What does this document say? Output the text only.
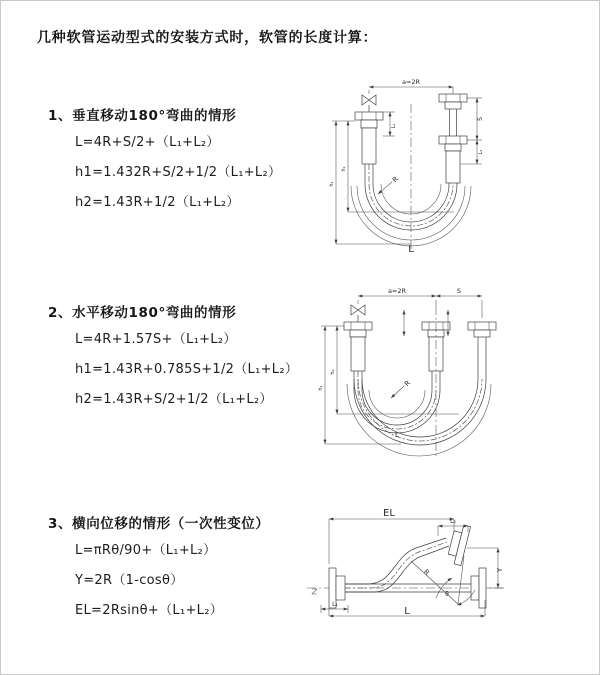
几种软管运动型式的安装方式时，软管的长度计算：
1、垂直移动180°弯曲的情形
L=4R+S/2+（L₁+L₂）
h1=1.432R+S/2+1/2（L₁+L₂）
h2=1.43R+1/2（L₁+L₂）
2、水平移动180°弯曲的情形
L=4R+1.57S+（L₁+L₂）
h1=1.43R+0.785S+1/2（L₁+L₂）
h2=1.43R+S/2+1/2（L₁+L₂）
3、横向位移的情形（一次性变位）
L=πRθ/90+（L₁+L₂）
Y=2R（1-cosθ）
EL=2Rsinθ+（L₁+L₂）
a=2R
L₁
S
L₂
h₁
h₂
R
L
a=2R	S
h₁
h₂
R
L
EL
L₂
Y
θ
R
L₁
L
